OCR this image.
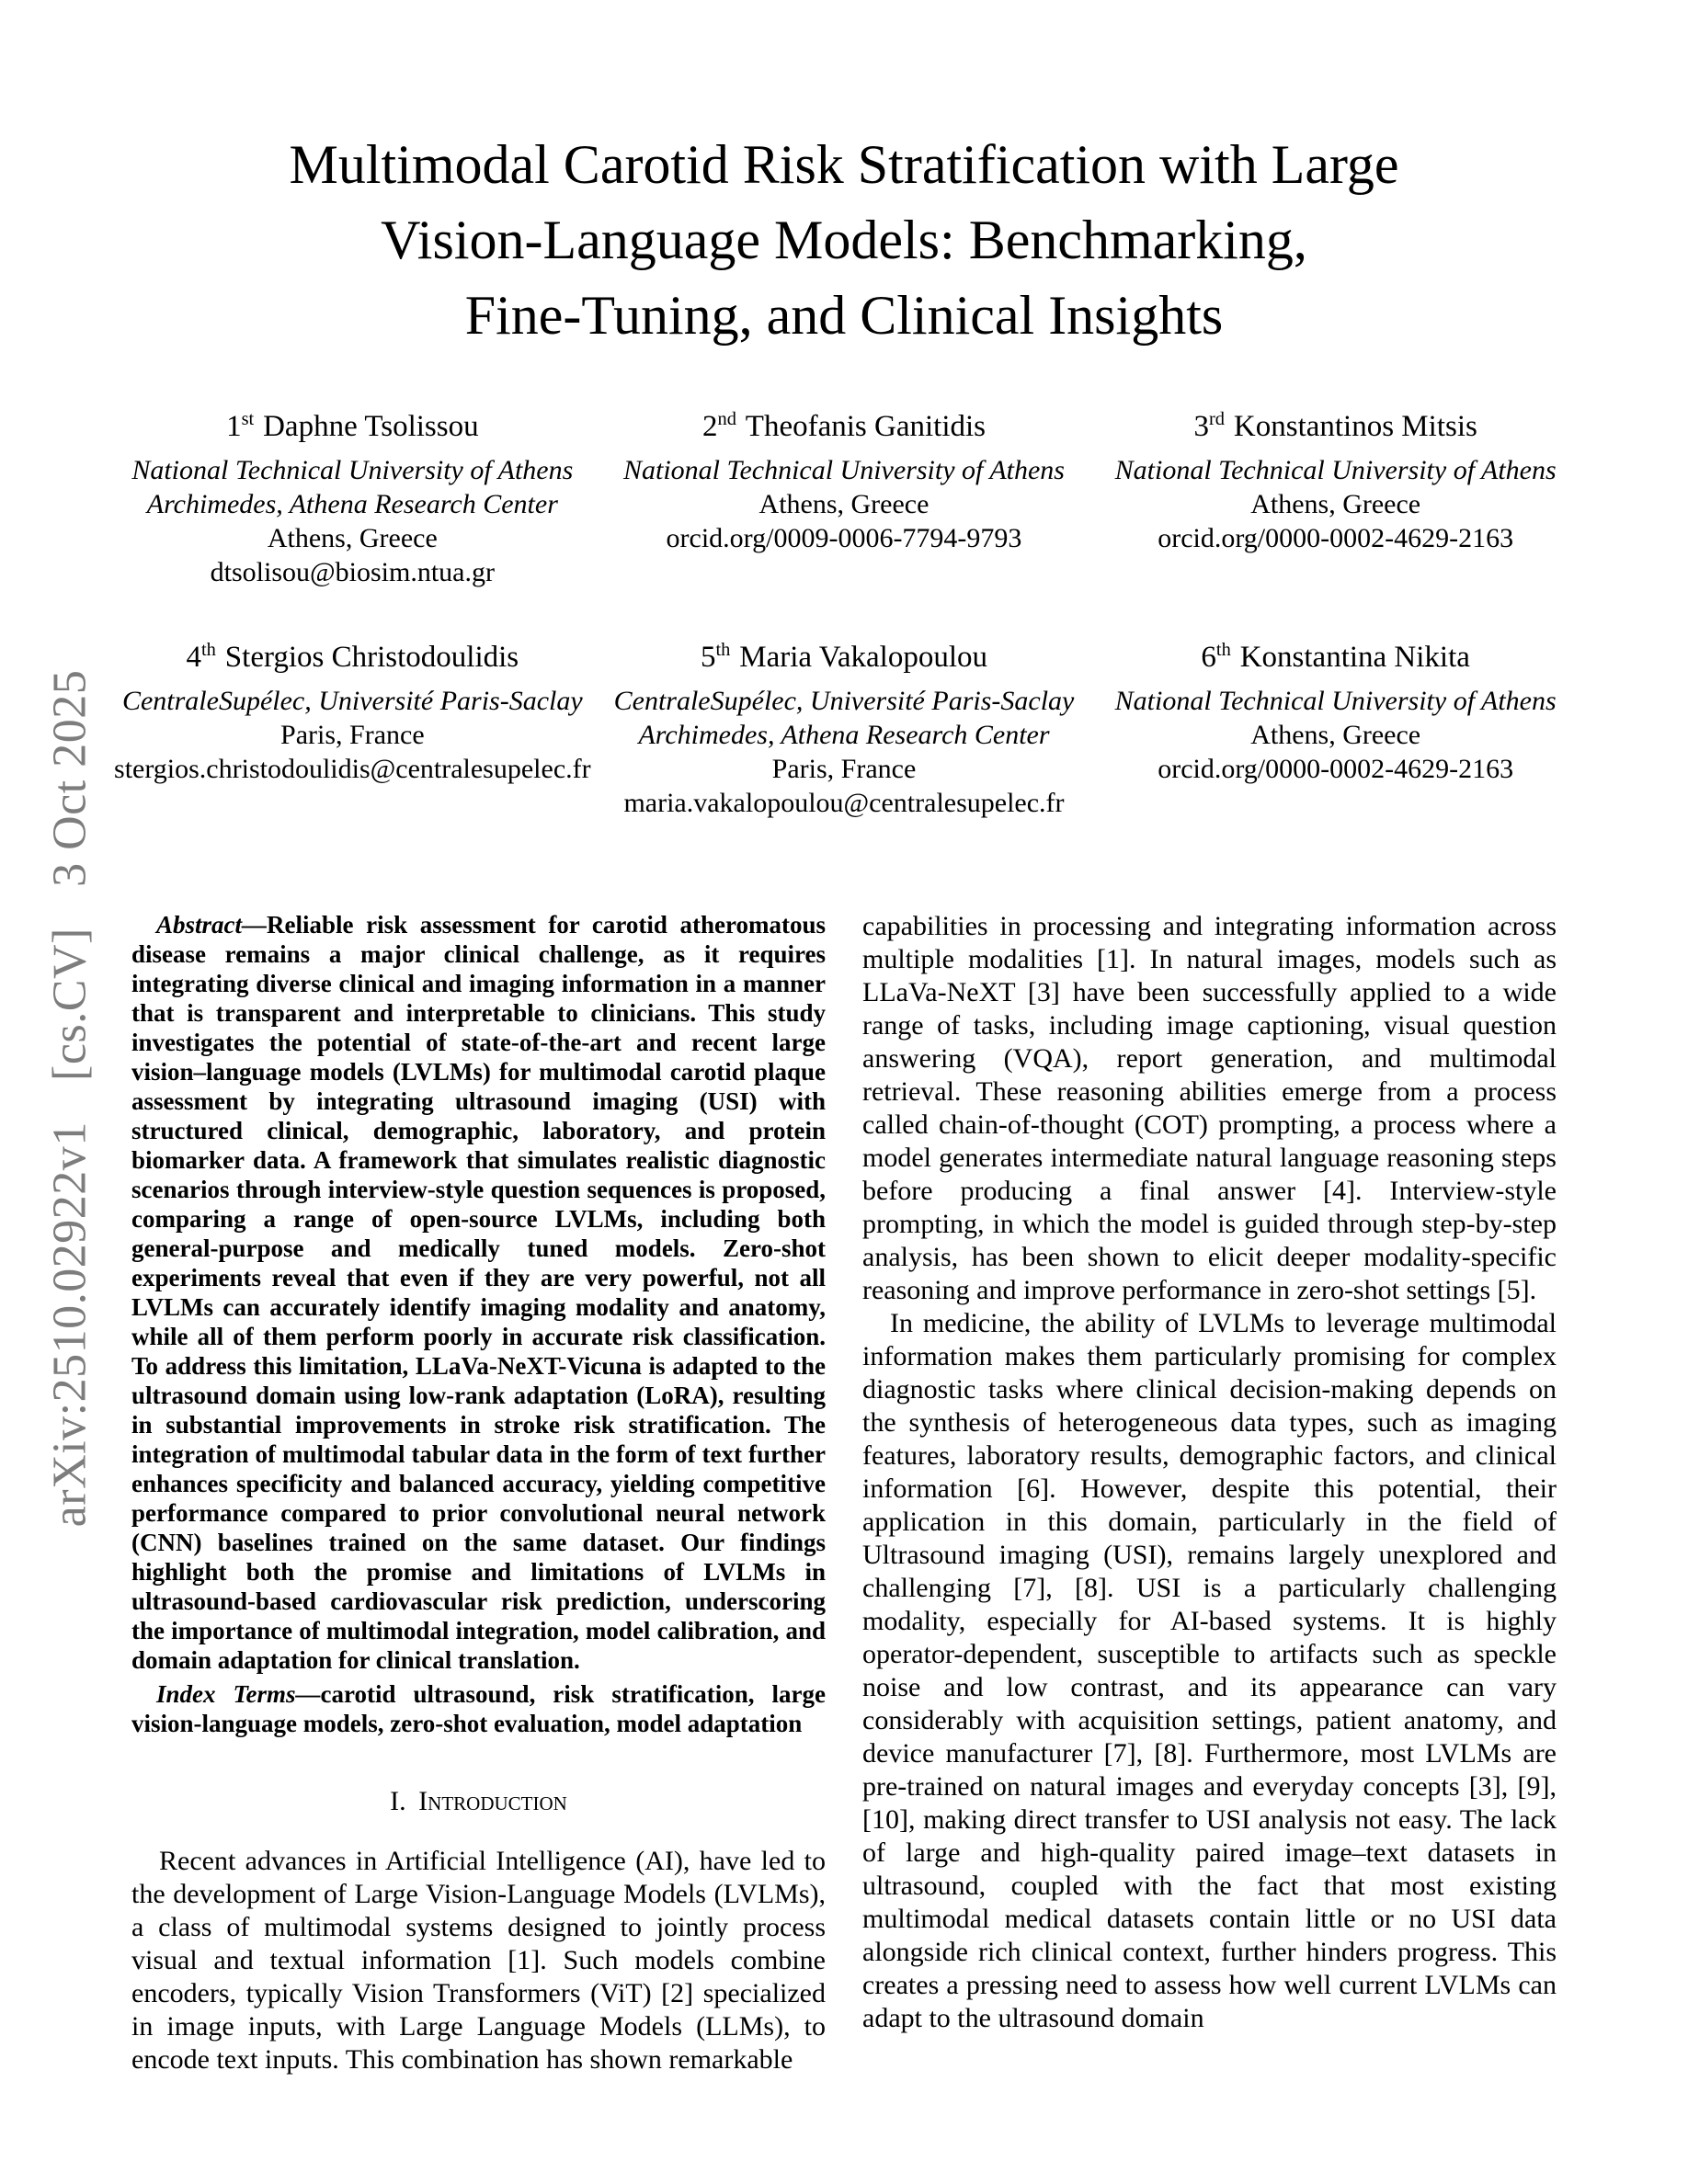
arXiv:2510.02922v1[cs.CV]3 Oct 2025
Multimodal Carotid Risk Stratification with Large
Vision-Language Models: Benchmarking,
Fine-Tuning, and Clinical Insights
1st Daphne Tsolissou
National Technical University of Athens
Archimedes, Athena Research Center
Athens, Greece
dtsolisou@biosim.ntua.gr
2nd Theofanis Ganitidis
National Technical University of Athens
Athens, Greece
orcid.org/0009-0006-7794-9793
3rd Konstantinos Mitsis
National Technical University of Athens
Athens, Greece
orcid.org/0000-0002-4629-2163
4th Stergios Christodoulidis
CentraleSupélec, Université Paris-Saclay
Paris, France
stergios.christodoulidis@centralesupelec.fr
5th Maria Vakalopoulou
CentraleSupélec, Université Paris-Saclay
Archimedes, Athena Research Center
Paris, France
maria.vakalopoulou@centralesupelec.fr
6th Konstantina Nikita
National Technical University of Athens
Athens, Greece
orcid.org/0000-0002-4629-2163

Abstract—Reliable risk assessment for carotid atheromatous disease remains a major clinical challenge, as it requires integrating diverse clinical and imaging information in a manner that is transparent and interpretable to clinicians. This study investigates the potential of state-of-the-art and recent large vision–language models (LVLMs) for multimodal carotid plaque assessment by integrating ultrasound imaging (USI) with structured clinical, demographic, laboratory, and protein biomarker data. A framework that simulates realistic diagnostic scenarios through interview-style question sequences is proposed, comparing a range of open-source LVLMs, including both general-purpose and medically tuned models. Zero-shot experiments reveal that even if they are very powerful, not all LVLMs can accurately identify imaging modality and anatomy, while all of them perform poorly in accurate risk classification. To address this limitation, LLaVa-NeXT-Vicuna is adapted to the ultrasound domain using low-rank adaptation (LoRA), resulting in substantial improvements in stroke risk stratification. The integration of multimodal tabular data in the form of text further enhances specificity and balanced accuracy, yielding competitive performance compared to prior convolutional neural network (CNN) baselines trained on the same dataset. Our findings highlight both the promise and limitations of LVLMs in ultrasound-based cardiovascular risk prediction, underscoring the importance of multimodal integration, model calibration, and domain adaptation for clinical translation.

Index Terms—carotid ultrasound, risk stratification, large vision-language models, zero-shot evaluation, model adaptation

I. Introduction

Recent advances in Artificial Intelligence (AI), have led to the development of Large Vision-Language Models (LVLMs), a class of multimodal systems designed to jointly process visual and textual information [1]. Such models combine encoders, typically Vision Transformers (ViT) [2] specialized in image inputs, with Large Language Models (LLMs), to encode text inputs. This combination has shown remarkable

capabilities in processing and integrating information across multiple modalities [1]. In natural images, models such as LLaVa-NeXT [3] have been successfully applied to a wide range of tasks, including image captioning, visual question answering (VQA), report generation, and multimodal retrieval. These reasoning abilities emerge from a process called chain-of-thought (COT) prompting, a process where a model generates intermediate natural language reasoning steps before producing a final answer [4]. Interview-style prompting, in which the model is guided through step-by-step analysis, has been shown to elicit deeper modality-specific reasoning and improve performance in zero-shot settings [5].

In medicine, the ability of LVLMs to leverage multimodal information makes them particularly promising for complex diagnostic tasks where clinical decision-making depends on the synthesis of heterogeneous data types, such as imaging features, laboratory results, demographic factors, and clinical information [6]. However, despite this potential, their application in this domain, particularly in the field of Ultrasound imaging (USI), remains largely unexplored and challenging [7], [8]. USI is a particularly challenging modality, especially for AI-based systems. It is highly operator-dependent, susceptible to artifacts such as speckle noise and low contrast, and its appearance can vary considerably with acquisition settings, patient anatomy, and device manufacturer [7], [8]. Furthermore, most LVLMs are pre-trained on natural images and everyday concepts [3], [9], [10], making direct transfer to USI analysis not easy. The lack of large and high-quality paired image–text datasets in ultrasound, coupled with the fact that most existing multimodal medical datasets contain little or no USI data alongside rich clinical context, further hinders progress. This creates a pressing need to assess how well current LVLMs can adapt to the ultrasound domain
